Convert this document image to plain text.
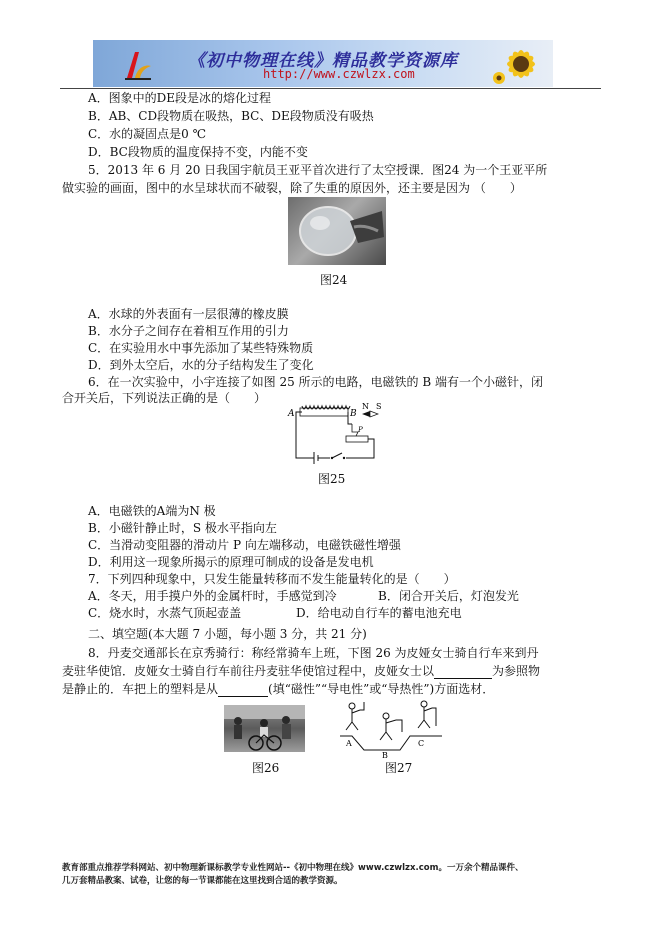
《初中物理在线》精品教学资源库
http://www.czwlzx.com
A．图象中的DE段是冰的熔化过程
B．AB、CD段物质在吸热，BC、DE段物质没有吸热
C．水的凝固点是0 ℃
D．BC段物质的温度保持不变，内能不变
5．2013 年 6 月 20 日我国宇航员王亚平首次进行了太空授课．图24 为一个王亚平所
做实验的画面，图中的水呈球状而不破裂，除了失重的原因外，还主要是因为 （　　）
图24
A．水球的外表面有一层很薄的橡皮膜
B．水分子之间存在着相互作用的引力
C．在实验用水中事先添加了某些特殊物质
D．到外太空后，水的分子结构发生了变化
6．在一次实验中，小宇连接了如图 25 所示的电路，电磁铁的 B 端有一个小磁针，闭
合开关后，下列说法正确的是（　　）
A	B
N S
P
图25
A．电磁铁的A端为N 极
B．小磁针静止时，S 极水平指向左
C．当滑动变阻器的滑动片 P 向左端移动，电磁铁磁性增强
D．利用这一现象所揭示的原理可制成的设备是发电机
7．下列四种现象中，只发生能量转移而不发生能量转化的是（　　）
A．冬天，用手摸户外的金属杆时，手感觉到冷	B．闭合开关后，灯泡发光
C．烧水时，水蒸气顶起壶盖	D．给电动自行车的蓄电池充电
二、填空题(本大题 7 小题，每小题 3 分，共 21 分)
8．丹麦交通部长在京秀骑行：称经常骑车上班，下图 26 为皮娅女士骑自行车来到丹
麦驻华使馆．皮娅女士骑自行车前往丹麦驻华使馆过程中，皮娅女士以	为参照物
是静止的．车把上的塑料是从	(填“磁性”“导电性”或“导热性”)方面选材．
图26
A
B
C
图27
教育部重点推荐学科网站、初中物理新课标教学专业性网站--《初中物理在线》www.czwlzx.com。一万余个精品课件、
几万套精品教案、试卷，让您的每一节课都能在这里找到合适的教学资源。
